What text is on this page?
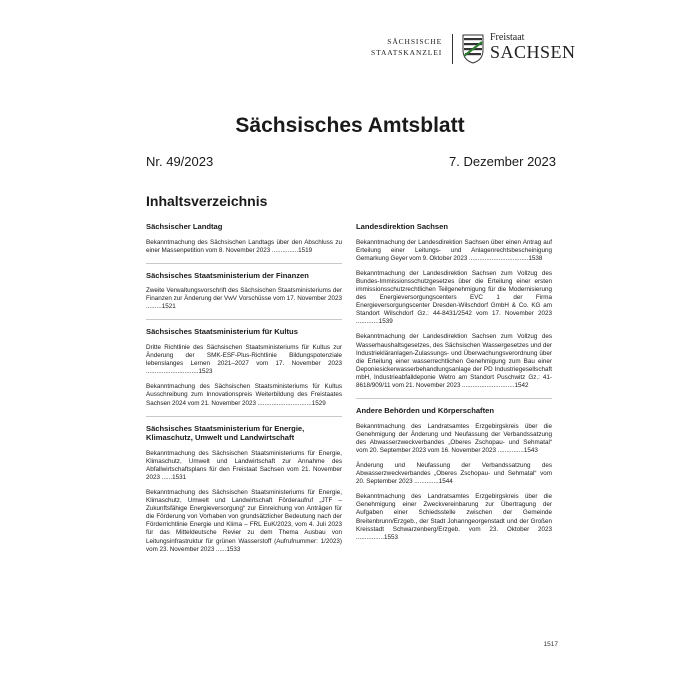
SÄCHSISCHE
STAATSKANZLEI
Freistaat
SACHSEN
Sächsisches Amtsblatt
Nr. 49/2023	7. Dezember 2023
Inhaltsverzeichnis
Sächsischer Landtag
Bekanntmachung des Sächsischen Landtags über den Abschluss zu einer Massenpetition vom 8. November 2023 ...............1519
Sächsisches Staatsministerium der Finanzen
Zweite Verwaltungsvorschrift des Sächsischen Staatsministeriums der Finanzen zur Änderung der VwV Vorschüsse vom 17. November 2023 .........1521
Sächsisches Staatsministerium für Kultus
Dritte Richtlinie des Sächsischen Staatsministeriums für Kultus zur Änderung der SMK-ESF-Plus-Richtlinie Bildungspotenziale lebenslanges Lernen 2021–2027 vom 17. November 2023 ..............................1523
Bekanntmachung des Sächsischen Staatsministeriums für Kultus Ausschreibung zum Innovationspreis Weiterbildung des Freistaates Sachsen 2024 vom 21. November 2023 ...............................1529
Sächsisches Staatsministerium für Energie, Klimaschutz, Umwelt und Landwirtschaft
Bekanntmachung des Sächsischen Staatsministeriums für Energie, Klimaschutz, Umwelt und Landwirtschaft zur Annahme des Abfallwirtschaftsplans für den Freistaat Sachsen vom 21. November 2023 ......1531
Bekanntmachung des Sächsischen Staatsministeriums für Energie, Klimaschutz, Umwelt und Landwirtschaft Förderaufruf „JTF – Zukunftsfähige Energieversorgung“ zur Einreichung von Anträgen für die Förderung von Vorhaben von grundsätzlicher Bedeutung nach der Förderrichtlinie Energie und Klima – FRL EuK/2023, vom 4. Juli 2023 für das Mitteldeutsche Revier zu dem Thema Ausbau von Leitungsinfrastruktur für grünen Wasserstoff (Aufrufnummer: 1/2023) vom 23. November 2023 ......1533
Landesdirektion Sachsen
Bekanntmachung der Landesdirektion Sachsen über einen Antrag auf Erteilung einer Leitungs- und Anlagenrechtsbescheinigung Gemarkung Geyer vom 9. Oktober 2023 ..................................1538
Bekanntmachung der Landesdirektion Sachsen zum Vollzug des Bundes-Immissionsschutzgesetzes über die Erteilung einer ersten immissionsschutzrechtlichen Teilgenehmigung für die Modernisierung des Energieversorgungscenters EVC 1 der Firma Energieversorgungscenter Dresden-Wilschdorf GmbH & Co. KG am Standort Wilschdorf Gz.: 44-8431/2542 vom 17. November 2023 .............1539
Bekanntmachung der Landesdirektion Sachsen zum Vollzug des Wasserhaushaltsgesetzes, des Sächsischen Wassergesetzes und der Industriekläranlagen-Zulassungs- und Überwachungsverordnung über die Erteilung einer wasserrechtlichen Genehmigung zum Bau einer Deponiesickerwasserbehandlungsanlage der PD Industriegesellschaft mbH, Industrieabfalldeponie Wetro am Standort Puschwitz Gz.: 41-8618/909/11 vom 21. November 2023 ..............................1542
Andere Behörden und Körperschaften
Bekanntmachung des Landratsamtes Erzgebirgskreis über die Genehmigung der Änderung und Neufassung der Verbandssatzung des Abwasserzweckverbandes „Oberes Zschopau- und Sehmatal“ vom 20. September 2023 vom 16. November 2023 ...............1543
Änderung und Neufassung der Verbandssatzung des Abwasserzweckverbandes „Oberes Zschopau- und Sehmatal“ vom 20. September 2023 ..............1544
Bekanntmachung des Landratsamtes Erzgebirgskreis über die Genehmigung einer Zweckvereinbarung zur Übertragung der Aufgaben einer Schiedsstelle zwischen der Gemeinde Breitenbrunn/Erzgeb., der Stadt Johanngeorgenstadt und der Großen Kreisstadt Schwarzenberg/Erzgeb. vom 23. Oktober 2023 ................1553
1517
